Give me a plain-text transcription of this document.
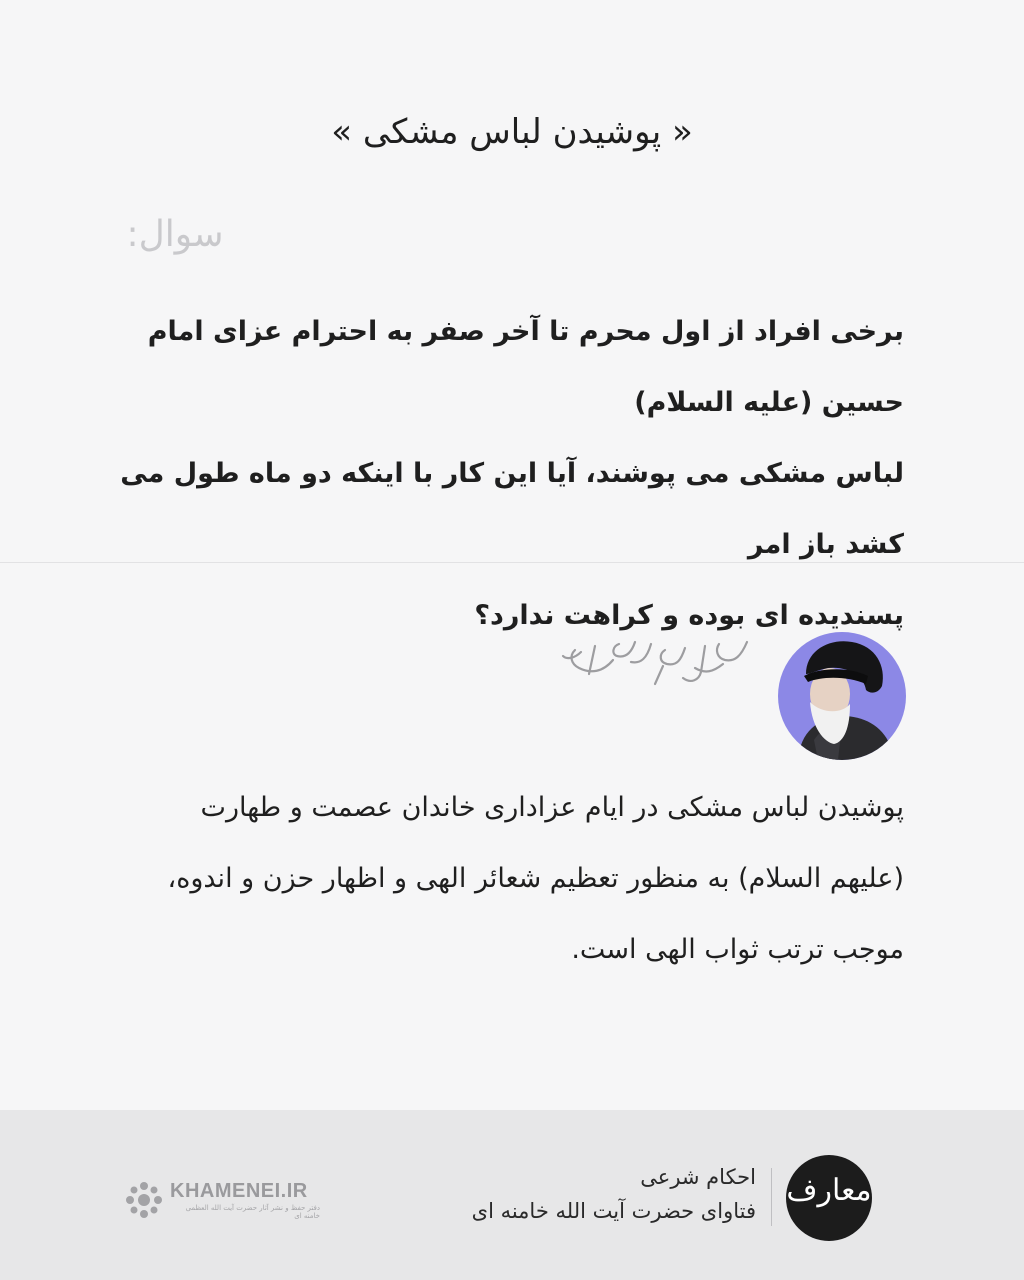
« پوشیدن لباس مشکی »
سوال:
برخی افراد از اول محرم تا آخر صفر به احترام عزای امام حسین (علیه السلام)
لباس مشکی می پوشند، آیا این کار با اینکه دو ماه طول می کشد باز امر
پسندیده ای بوده و کراهت ندارد؟
پوشیدن لباس مشکی در ایام عزاداری خاندان عصمت و طهارت
(علیهم السلام) به منظور تعظیم شعائر الهی و اظهار حزن و اندوه،
موجب ترتب ثواب الهی است.
معارف
احکام شرعی
فتاوای حضرت آیت الله خامنه ای
KHAMENEI.IR
دفتر حفظ و نشر آثار حضرت آیت الله العظمی خامنه ای
